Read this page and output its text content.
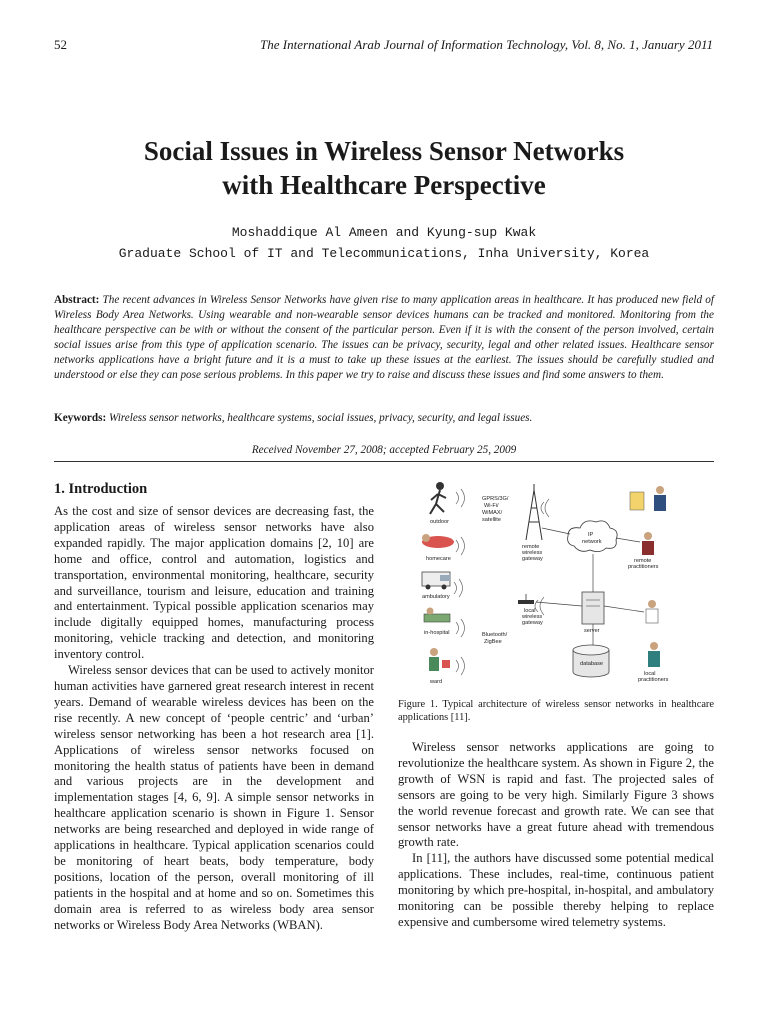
52	The International Arab Journal of Information Technology, Vol. 8, No. 1, January 2011
Social Issues in Wireless Sensor Networks
with Healthcare Perspective
Moshaddique Al Ameen and Kyung-sup Kwak
Graduate School of IT and Telecommunications, Inha University, Korea
Abstract: The recent advances in Wireless Sensor Networks have given rise to many application areas in healthcare. It has produced new field of Wireless Body Area Networks. Using wearable and non-wearable sensor devices humans can be tracked and monitored. Monitoring from the healthcare perspective can be with or without the consent of the particular person. Even if it is with the consent of the person involved, certain social issues arise from this type of application scenario. The issues can be privacy, security, legal and other related issues. Healthcare sensor networks applications have a bright future and it is a must to take up these issues at the earliest. The issues should be carefully studied and understood or else they can pose serious problems. In this paper we try to raise and discuss these issues and find some answers to them.
Keywords: Wireless sensor networks, healthcare systems, social issues, privacy, security, and legal issues.
Received November 27, 2008; accepted February 25, 2009
1. Introduction

As the cost and size of sensor devices are decreasing fast, the application areas of wireless sensor networks have also expanded rapidly. The major application domains [2, 10] are home and office, control and automation, logistics and transportation, environmental monitoring, healthcare, security and surveillance, tourism and leisure, education and training and entertainment. Typical possible application scenarios may include digitally equipped homes, manufacturing process monitoring, vehicle tracking and detection, and monitoring inventory control.

Wireless sensor devices that can be used to actively monitor human activities have garnered great research interest in recent years. Demand of wearable wireless devices has been on the rise recently. A new concept of ‘people centric’ and ‘urban’ wireless sensor networking has been a hot research area [1]. Applications of wireless sensor networks focused on monitoring the health status of patients have been in demand and various projects are in the development and implementation stages [4, 6, 9]. A simple sensor networks in healthcare application scenario is shown in Figure 1. Sensor networks are being researched and deployed in wide range of applications in healthcare. Typical application scenarios could be monitoring of heart beats, body temperature, body positions, location of the person, overall monitoring of ill patients in the hospital and at home and so on. Sometimes this domain area is referred to as wireless body area sensor networks or Wireless Body Area Networks (WBAN).

outdoor
homecare
ambulatory
in-hospital
ward
GPRS/3G/
Wi-Fi/
WiMAX/
satellite
remote
wireless
gateway
IP
network
remote
practitioners
local
wireless
gateway
Bluetooth/
ZigBee
server
database
local
practitioners
Figure 1. Typical architecture of wireless sensor networks in healthcare applications [11].

Wireless sensor networks applications are going to revolutionize the healthcare system. As shown in Figure 2, the growth of WSN is rapid and fast. The projected sales of sensors are going to be very high. Similarly Figure 3 shows the world revenue forecast and growth rate. We can see that sensor networks have a great future ahead with tremendous growth rate.

In [11], the authors have discussed some potential medical applications. These includes, real-time, continuous patient monitoring by which pre-hospital, in-hospital, and ambulatory monitoring can be possible thereby helping to replace expensive and cumbersome wired telemetry systems.
